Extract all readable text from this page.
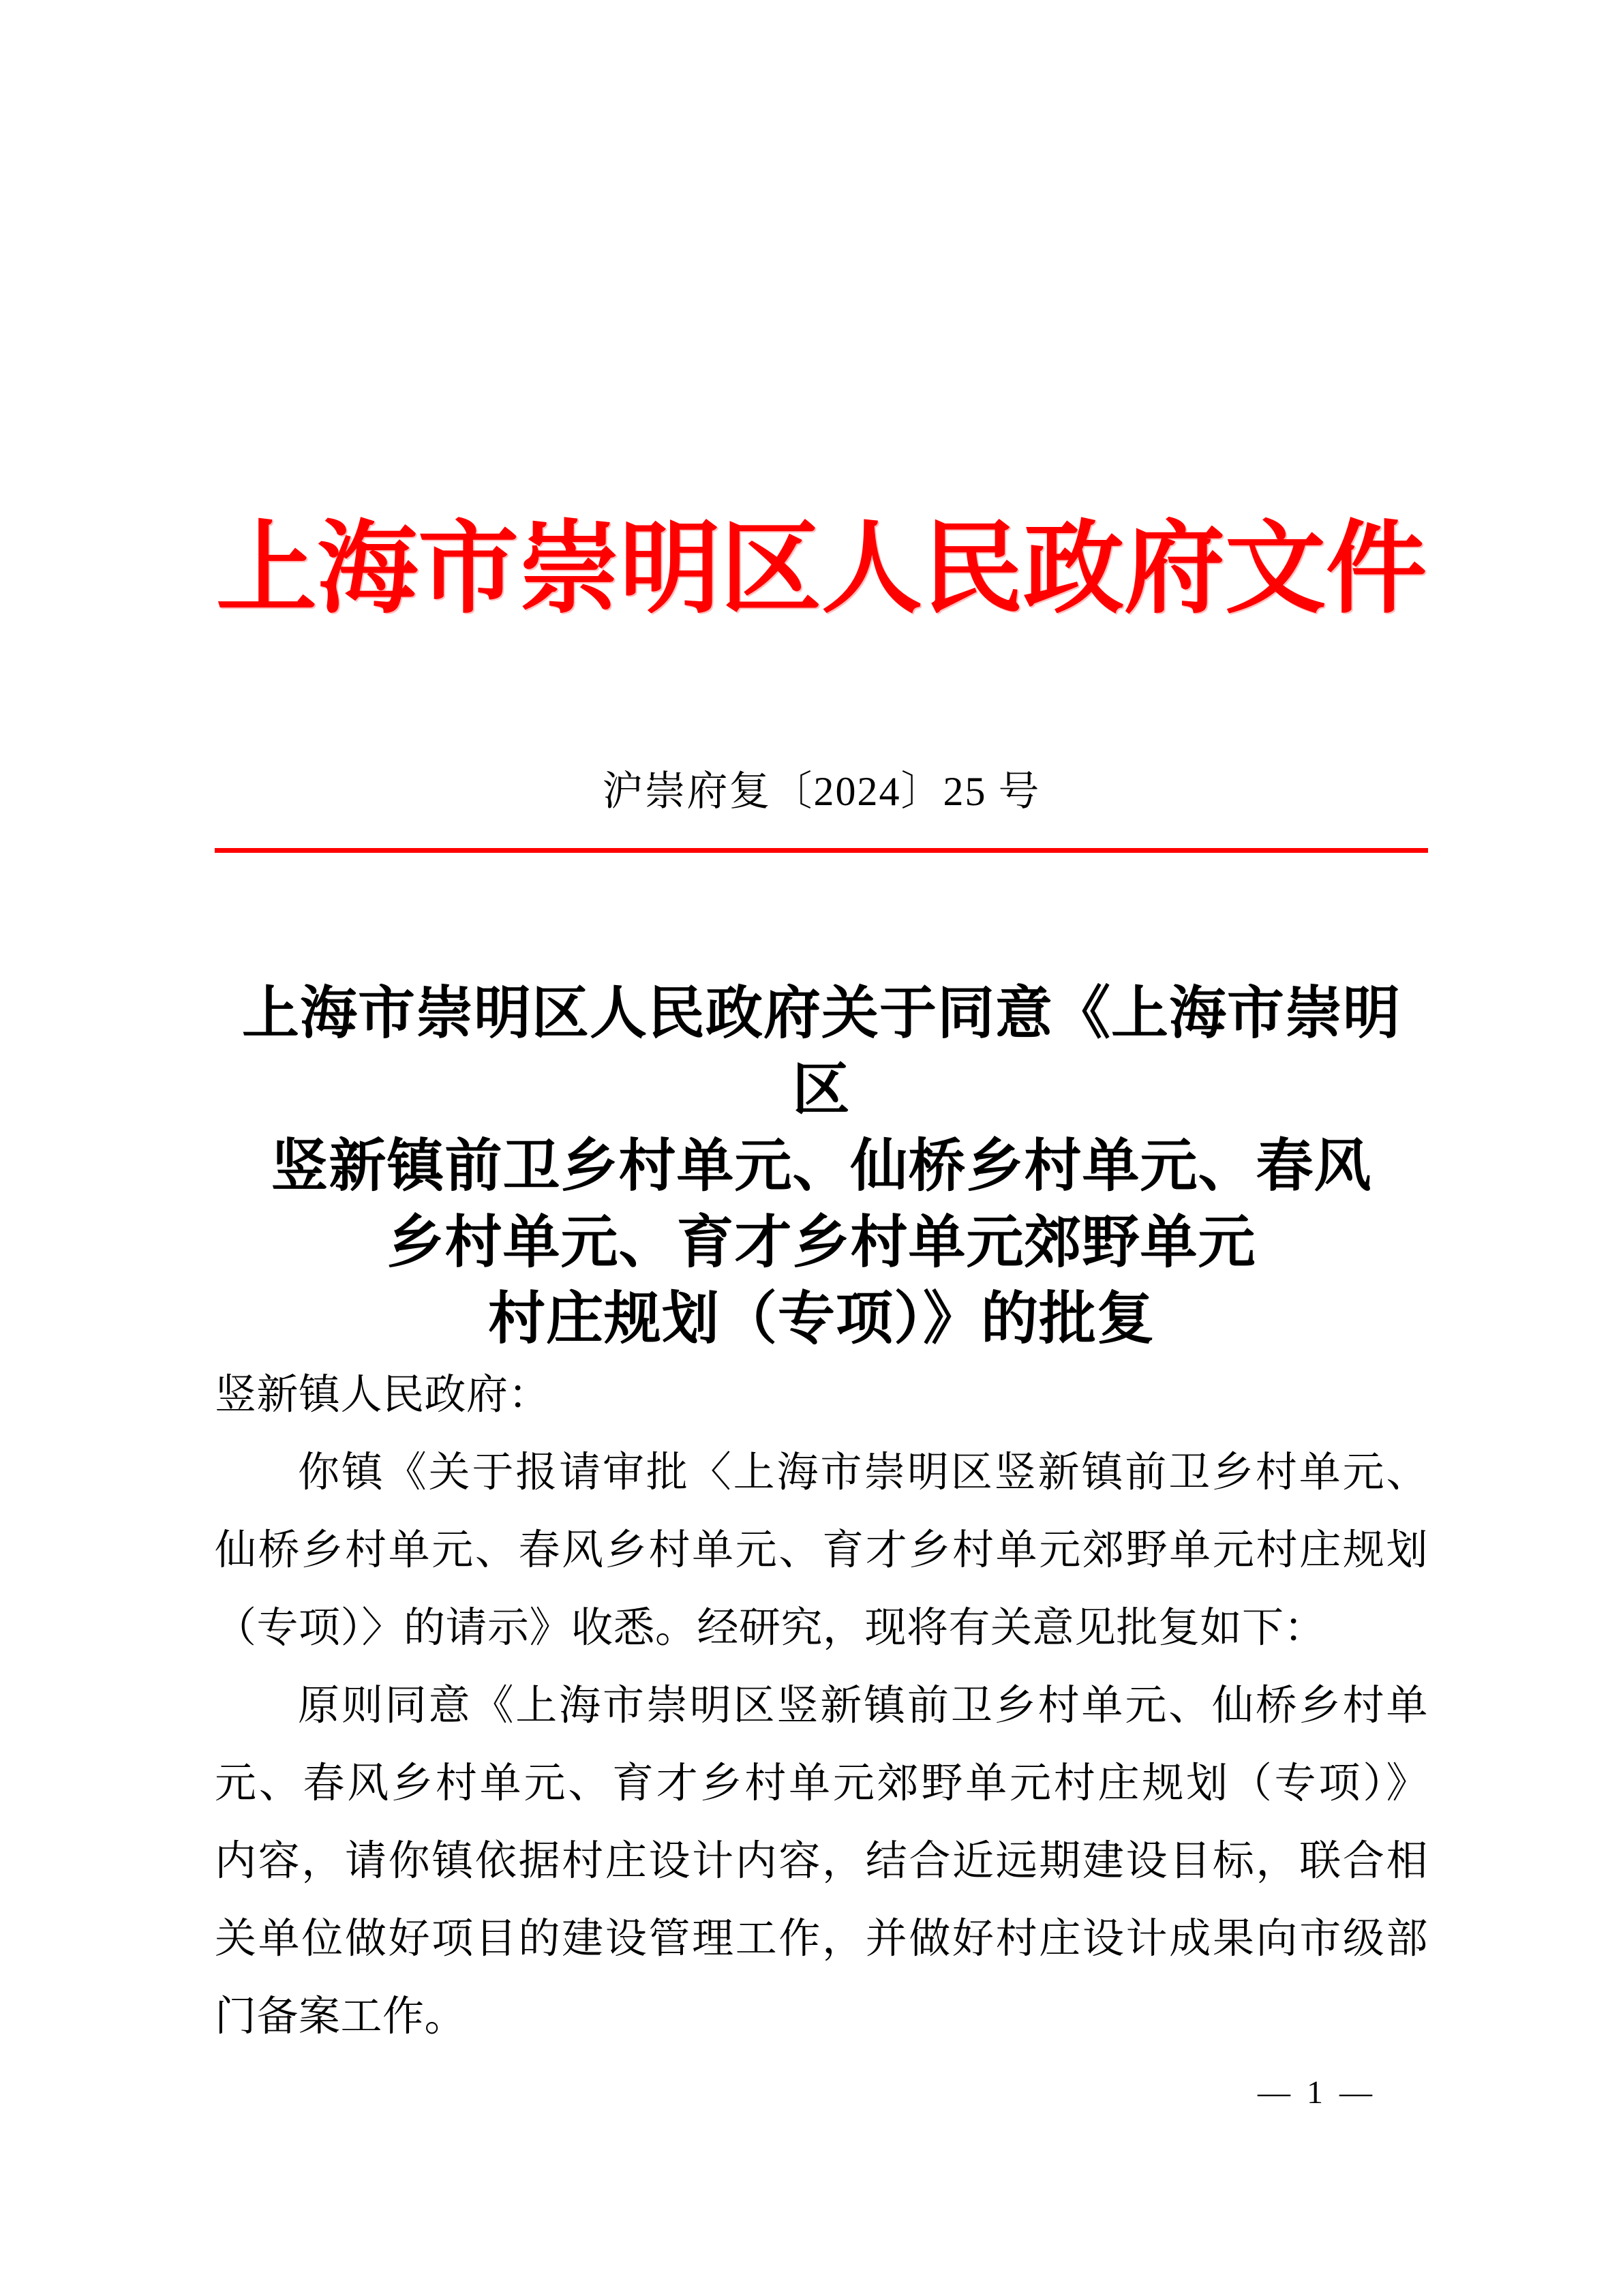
上海市崇明区人民政府文件
沪崇府复〔2024〕25 号
上海市崇明区人民政府关于同意《上海市崇明区
竖新镇前卫乡村单元、仙桥乡村单元、春风
乡村单元、育才乡村单元郊野单元
村庄规划（专项）》的批复
竖新镇人民政府：
你镇《关于报请审批〈上海市崇明区竖新镇前卫乡村单元、
仙桥乡村单元、春风乡村单元、育才乡村单元郊野单元村庄规划
（专项）〉的请示》收悉。经研究，现将有关意见批复如下：
原则同意《上海市崇明区竖新镇前卫乡村单元、仙桥乡村单
元、春风乡村单元、育才乡村单元郊野单元村庄规划（专项）》
内容，请你镇依据村庄设计内容，结合近远期建设目标，联合相
关单位做好项目的建设管理工作，并做好村庄设计成果向市级部
门备案工作。
— 1 —
